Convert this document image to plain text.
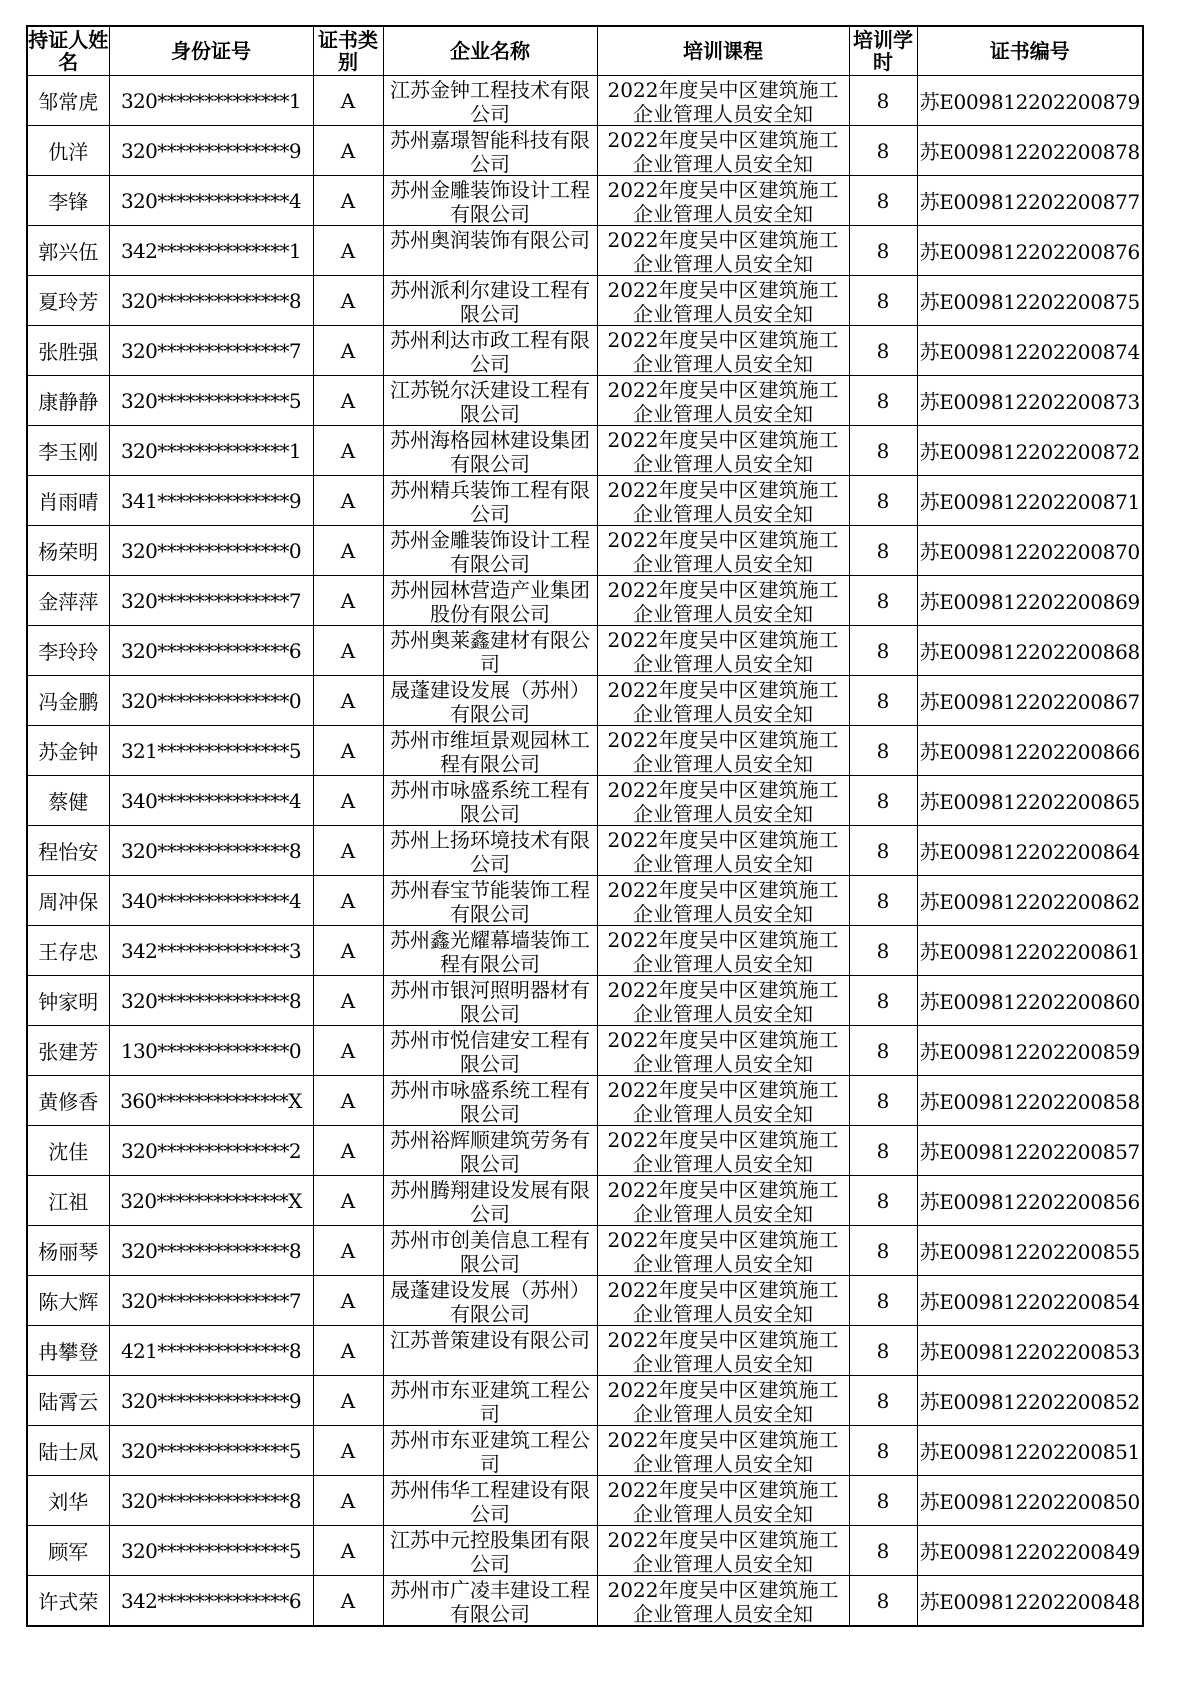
持证人姓名	身份证号	证书类别	企业名称	培训课程	培训学时	证书编号
邹常虎	320**************1	A	江苏金钟工程技术有限公司	2022年度吴中区建筑施工企业管理人员安全知	8	苏E009812202200879
仇洋	320**************9	A	苏州嘉璟智能科技有限公司	2022年度吴中区建筑施工企业管理人员安全知	8	苏E009812202200878
李锋	320**************4	A	苏州金雕装饰设计工程有限公司	2022年度吴中区建筑施工企业管理人员安全知	8	苏E009812202200877
郭兴伍	342**************1	A	苏州奥润装饰有限公司	2022年度吴中区建筑施工企业管理人员安全知	8	苏E009812202200876
夏玲芳	320**************8	A	苏州派利尔建设工程有限公司	2022年度吴中区建筑施工企业管理人员安全知	8	苏E009812202200875
张胜强	320**************7	A	苏州利达市政工程有限公司	2022年度吴中区建筑施工企业管理人员安全知	8	苏E009812202200874
康静静	320**************5	A	江苏锐尔沃建设工程有限公司	2022年度吴中区建筑施工企业管理人员安全知	8	苏E009812202200873
李玉刚	320**************1	A	苏州海格园林建设集团有限公司	2022年度吴中区建筑施工企业管理人员安全知	8	苏E009812202200872
肖雨晴	341**************9	A	苏州精兵装饰工程有限公司	2022年度吴中区建筑施工企业管理人员安全知	8	苏E009812202200871
杨荣明	320**************0	A	苏州金雕装饰设计工程有限公司	2022年度吴中区建筑施工企业管理人员安全知	8	苏E009812202200870
金萍萍	320**************7	A	苏州园林营造产业集团股份有限公司	2022年度吴中区建筑施工企业管理人员安全知	8	苏E009812202200869
李玲玲	320**************6	A	苏州奥莱鑫建材有限公司	2022年度吴中区建筑施工企业管理人员安全知	8	苏E009812202200868
冯金鹏	320**************0	A	晟蓬建设发展（苏州）有限公司	2022年度吴中区建筑施工企业管理人员安全知	8	苏E009812202200867
苏金钟	321**************5	A	苏州市维垣景观园林工程有限公司	2022年度吴中区建筑施工企业管理人员安全知	8	苏E009812202200866
蔡健	340**************4	A	苏州市咏盛系统工程有限公司	2022年度吴中区建筑施工企业管理人员安全知	8	苏E009812202200865
程怡安	320**************8	A	苏州上扬环境技术有限公司	2022年度吴中区建筑施工企业管理人员安全知	8	苏E009812202200864
周冲保	340**************4	A	苏州春宝节能装饰工程有限公司	2022年度吴中区建筑施工企业管理人员安全知	8	苏E009812202200862
王存忠	342**************3	A	苏州鑫光耀幕墙装饰工程有限公司	2022年度吴中区建筑施工企业管理人员安全知	8	苏E009812202200861
钟家明	320**************8	A	苏州市银河照明器材有限公司	2022年度吴中区建筑施工企业管理人员安全知	8	苏E009812202200860
张建芳	130**************0	A	苏州市悦信建安工程有限公司	2022年度吴中区建筑施工企业管理人员安全知	8	苏E009812202200859
黄修香	360**************X	A	苏州市咏盛系统工程有限公司	2022年度吴中区建筑施工企业管理人员安全知	8	苏E009812202200858
沈佳	320**************2	A	苏州裕辉顺建筑劳务有限公司	2022年度吴中区建筑施工企业管理人员安全知	8	苏E009812202200857
江祖	320**************X	A	苏州腾翔建设发展有限公司	2022年度吴中区建筑施工企业管理人员安全知	8	苏E009812202200856
杨丽琴	320**************8	A	苏州市创美信息工程有限公司	2022年度吴中区建筑施工企业管理人员安全知	8	苏E009812202200855
陈大辉	320**************7	A	晟蓬建设发展（苏州）有限公司	2022年度吴中区建筑施工企业管理人员安全知	8	苏E009812202200854
冉攀登	421**************8	A	江苏普策建设有限公司	2022年度吴中区建筑施工企业管理人员安全知	8	苏E009812202200853
陆霄云	320**************9	A	苏州市东亚建筑工程公司	2022年度吴中区建筑施工企业管理人员安全知	8	苏E009812202200852
陆士凤	320**************5	A	苏州市东亚建筑工程公司	2022年度吴中区建筑施工企业管理人员安全知	8	苏E009812202200851
刘华	320**************8	A	苏州伟华工程建设有限公司	2022年度吴中区建筑施工企业管理人员安全知	8	苏E009812202200850
顾军	320**************5	A	江苏中元控股集团有限公司	2022年度吴中区建筑施工企业管理人员安全知	8	苏E009812202200849
许式荣	342**************6	A	苏州市广凌丰建设工程有限公司	2022年度吴中区建筑施工企业管理人员安全知	8	苏E009812202200848
